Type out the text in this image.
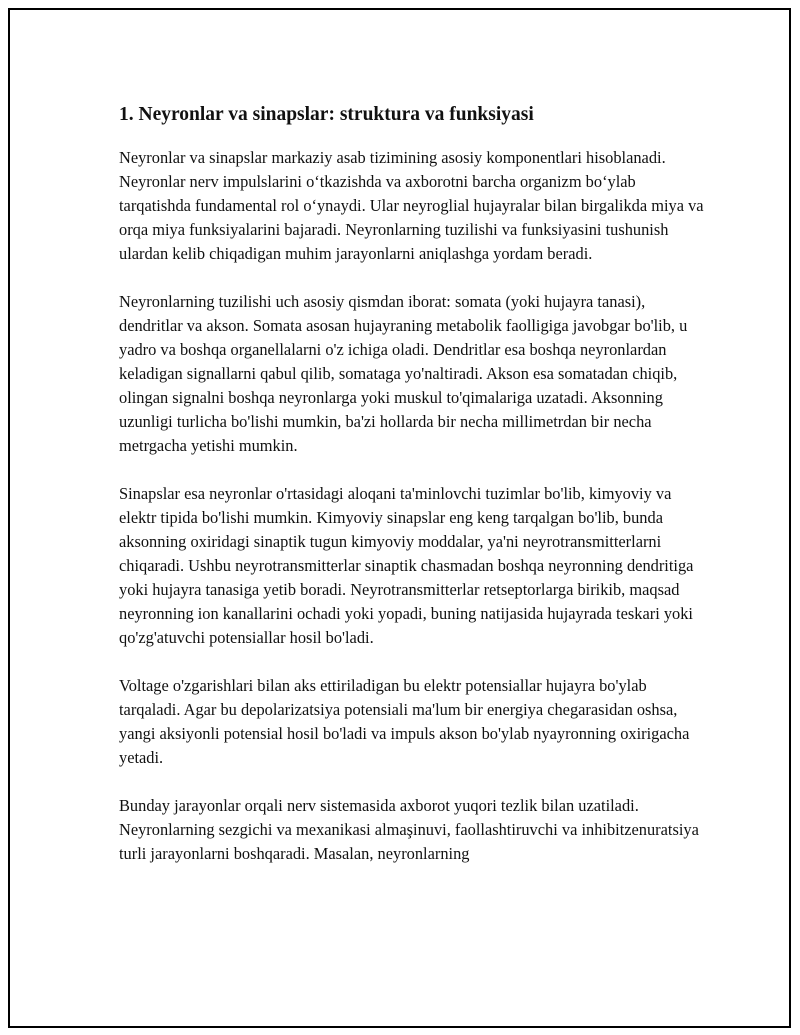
1. Neyronlar va sinapslar: struktura va funksiyasi

Neyronlar va sinapslar markaziy asab tizimining asosiy komponentlari hisoblanadi. Neyronlar nerv impulslarini oʻtkazishda va axborotni barcha organizm boʻylab tarqatishda fundamental rol oʻynaydi. Ular neyroglial hujayralar bilan birgalikda miya va orqa miya funksiyalarini bajaradi. Neyronlarning tuzilishi va funksiyasini tushunish ulardan kelib chiqadigan muhim jarayonlarni aniqlashga yordam beradi.

Neyronlarning tuzilishi uch asosiy qismdan iborat: somata (yoki hujayra tanasi), dendritlar va akson. Somata asosan hujayraning metabolik faolligiga javobgar bo'lib, u yadro va boshqa organellalarni o'z ichiga oladi. Dendritlar esa boshqa neyronlardan keladigan signallarni qabul qilib, somataga yo'naltiradi. Akson esa somatadan chiqib, olingan signalni boshqa neyronlarga yoki muskul to'qimalariga uzatadi. Aksonning uzunligi turlicha bo'lishi mumkin, ba'zi hollarda bir necha millimetrdan bir necha metrgacha yetishi mumkin.

Sinapslar esa neyronlar o'rtasidagi aloqani ta'minlovchi tuzimlar bo'lib, kimyoviy va elektr tipida bo'lishi mumkin. Kimyoviy sinapslar eng keng tarqalgan bo'lib, bunda aksonning oxiridagi sinaptik tugun kimyoviy moddalar, ya'ni neyrotransmitterlarni chiqaradi. Ushbu neyrotransmitterlar sinaptik chasmadan boshqa neyronning dendritiga yoki hujayra tanasiga yetib boradi. Neyrotransmitterlar retseptorlarga birikib, maqsad neyronning ion kanallarini ochadi yoki yopadi, buning natijasida hujayrada teskari yoki qo'zg'atuvchi potensiallar hosil bo'ladi.

Voltage o'zgarishlari bilan aks ettiriladigan bu elektr potensiallar hujayra bo'ylab tarqaladi. Agar bu depolarizatsiya potensiali ma'lum bir energiya chegarasidan oshsa, yangi aksiyonli potensial hosil bo'ladi va impuls akson bo'ylab nyayronning oxirigacha yetadi.

Bunday jarayonlar orqali nerv sistemasida axborot yuqori tezlik bilan uzatiladi. Neyronlarning sezgichi va mexanikasi almaşinuvi, faollashtiruvchi va inhibitzenuratsiya turli jarayonlarni boshqaradi. Masalan, neyronlarning
